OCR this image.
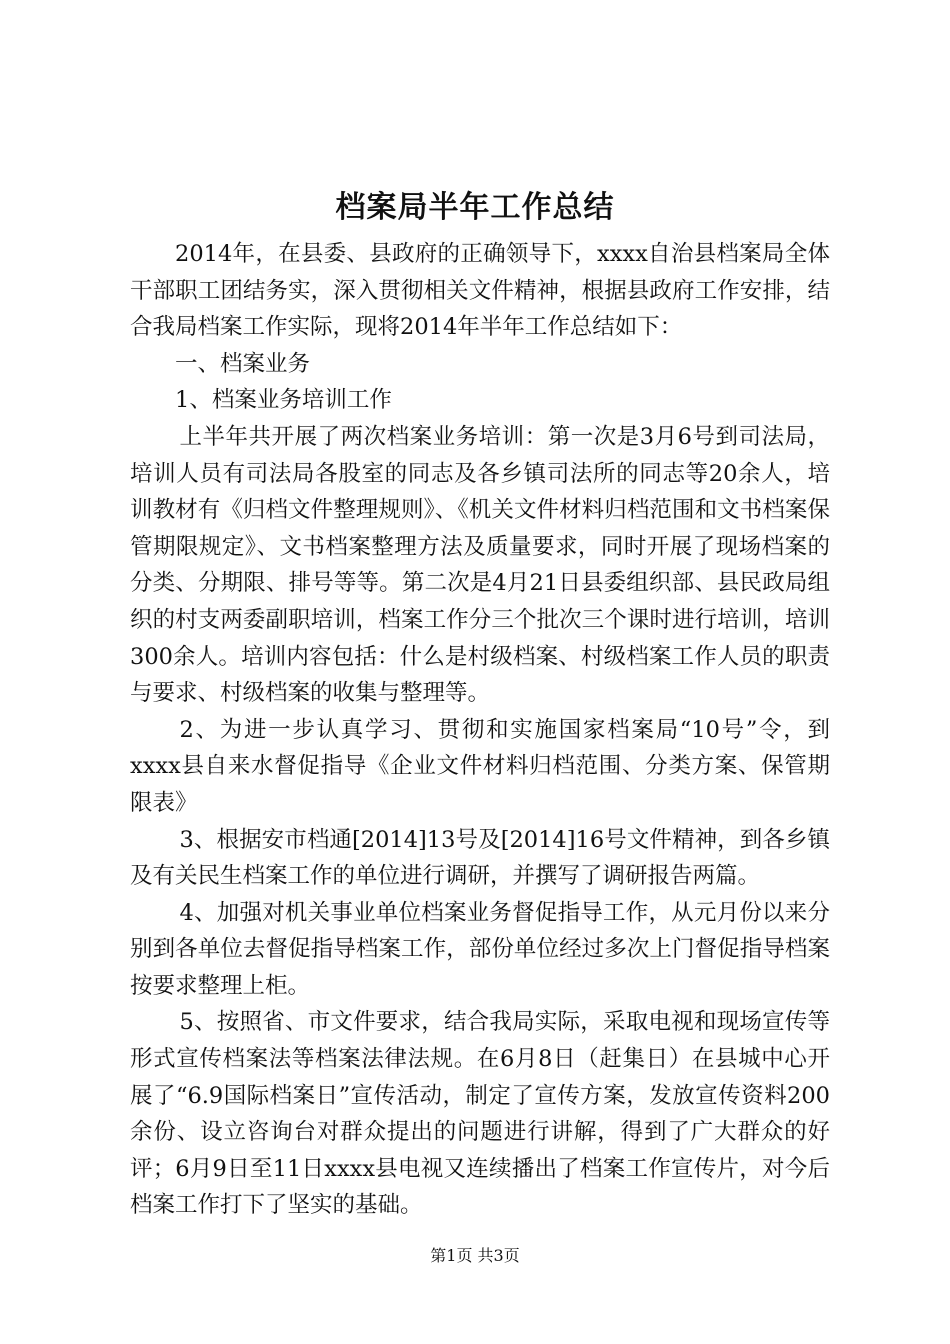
档案局半年工作总结

2014年，在县委、县政府的正确领导下，xxxx自治县档案局全体干部职工团结务实，深入贯彻相关文件精神，根据县政府工作安排，结合我局档案工作实际，现将2014年半年工作总结如下：

一、档案业务

1、档案业务培训工作

上半年共开展了两次档案业务培训：第一次是3月6号到司法局，培训人员有司法局各股室的同志及各乡镇司法所的同志等20余人，培训教材有《归档文件整理规则》、《机关文件材料归档范围和文书档案保管期限规定》、文书档案整理方法及质量要求，同时开展了现场档案的分类、分期限、排号等等。第二次是4月21日县委组织部、县民政局组织的村支两委副职培训，档案工作分三个批次三个课时进行培训，培训300余人。培训内容包括：什么是村级档案、村级档案工作人员的职责与要求、村级档案的收集与整理等。

2、为进一步认真学习、贯彻和实施国家档案局“10号”令，到xxxx县自来水督促指导《企业文件材料归档范围、分类方案、保管期限表》

3、根据安市档通[2014]13号及[2014]16号文件精神，到各乡镇及有关民生档案工作的单位进行调研，并撰写了调研报告两篇。

4、加强对机关事业单位档案业务督促指导工作，从元月份以来分别到各单位去督促指导档案工作，部份单位经过多次上门督促指导档案按要求整理上柜。

5、按照省、市文件要求，结合我局实际，采取电视和现场宣传等形式宣传档案法等档案法律法规。在6月8日（赶集日）在县城中心开展了“6.9国际档案日”宣传活动，制定了宣传方案，发放宣传资料200余份、设立咨询台对群众提出的问题进行讲解，得到了广大群众的好评；6月9日至11日xxxx县电视又连续播出了档案工作宣传片，对今后档案工作打下了坚实的基础。

第1页 共3页
